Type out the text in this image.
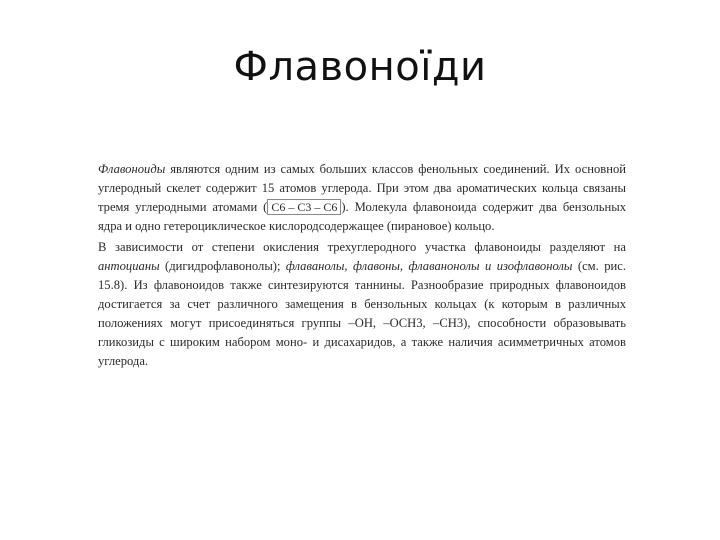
Флавоноїди

Флавоноиды являются одним из самых больших классов фенольных соединений. Их основной углеродный скелет содержит 15 атомов углерода. При этом два ароматических кольца связаны тремя углеродными атомами ( C6 – C3 – C6 ). Молекула флавоноида содержит два бензольных ядра и одно гетероциклическое кислородсодержащее (пирановое) кольцо.

В зависимости от степени окисления трехуглеродного участка флавоноиды разделяют на антоцианы (дигидрофлавонолы); флаванолы, флавоны, флаванонолы и изофлавонолы (см. рис. 15.8). Из флавоноидов также синтезируются таннины. Разнообразие природных флавоноидов достигается за счет различного замещения в бензольных кольцах (к которым в различных положениях могут присоединяться группы –OH, –OCH3, –CH3), способности образовывать гликозиды с широким набором моно- и дисахаридов, а также наличия асимметричных атомов углерода.
